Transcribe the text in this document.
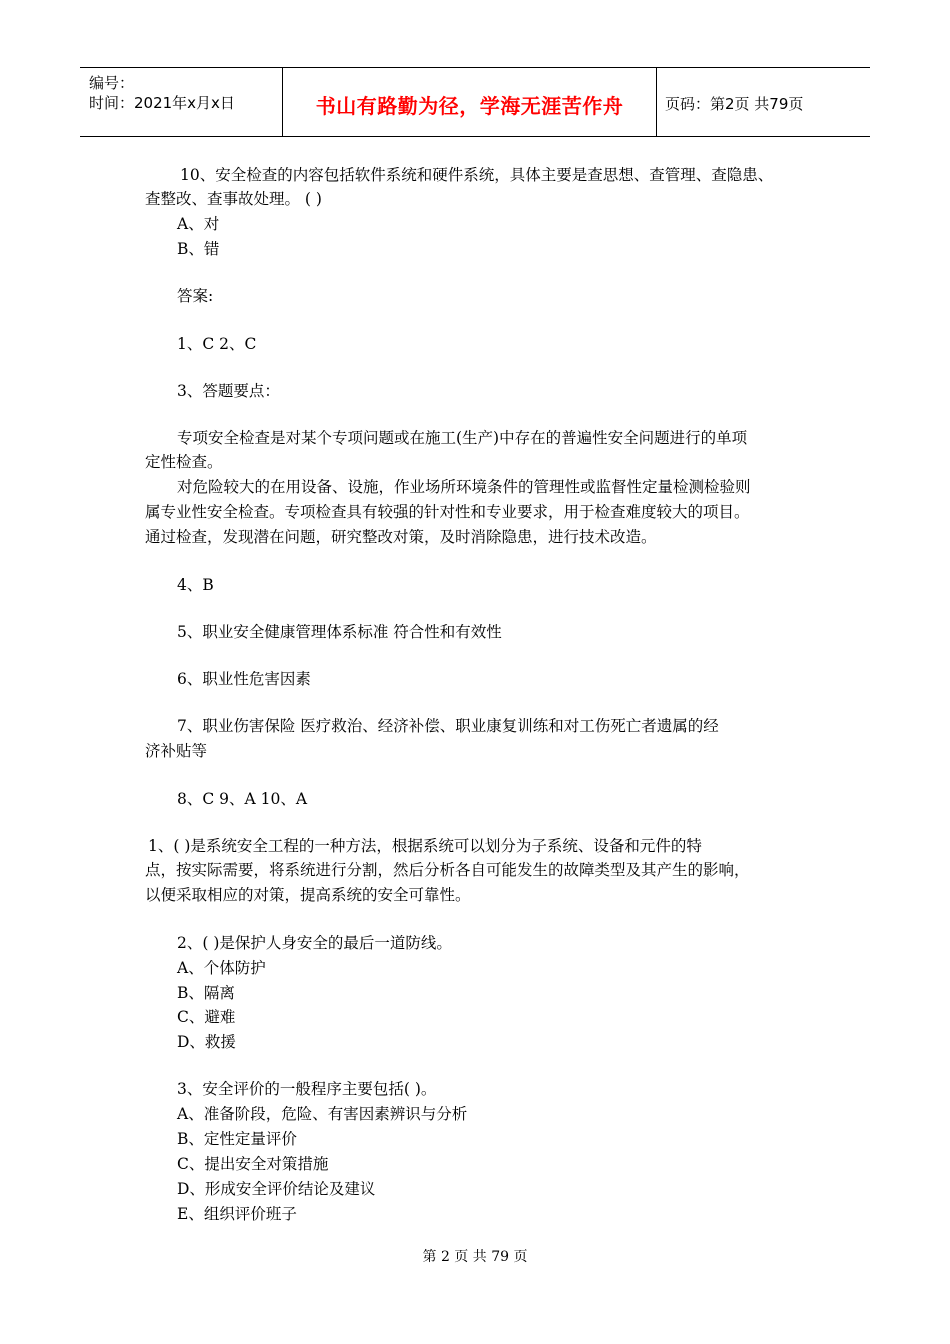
编号：
时间：2021年x月x日	书山有路勤为径，学海无涯苦作舟	页码：第2页 共79页
10、安全检查的内容包括软件系统和硬件系统，具体主要是查思想、查管理、查隐患、
查整改、查事故处理。 ( )
A、对
B、错
答案:
1、C 2、C
3、答题要点：
专项安全检查是对某个专项问题或在施工(生产)中存在的普遍性安全问题进行的单项
定性检查。
对危险较大的在用设备、设施，作业场所环境条件的管理性或监督性定量检测检验则
属专业性安全检查。专项检查具有较强的针对性和专业要求，用于检查难度较大的项目。
通过检查，发现潜在问题，研究整改对策，及时消除隐患，进行技术改造。
4、B
5、职业安全健康管理体系标准 符合性和有效性
6、职业性危害因素
7、职业伤害保险 医疗救治、经济补偿、职业康复训练和对工伤死亡者遗属的经
济补贴等
8、C 9、A 10、A
1、( )是系统安全工程的一种方法，根据系统可以划分为子系统、设备和元件的特
点，按实际需要，将系统进行分割，然后分析各自可能发生的故障类型及其产生的影响，
以便采取相应的对策，提高系统的安全可靠性。
2、( )是保护人身安全的最后一道防线。
A、个体防护
B、隔离
C、避难
D、救援
3、安全评价的一般程序主要包括( )。
A、准备阶段，危险、有害因素辨识与分析
B、定性定量评价
C、提出安全对策措施
D、形成安全评价结论及建议
E、组织评价班子
第 2 页 共 79 页
